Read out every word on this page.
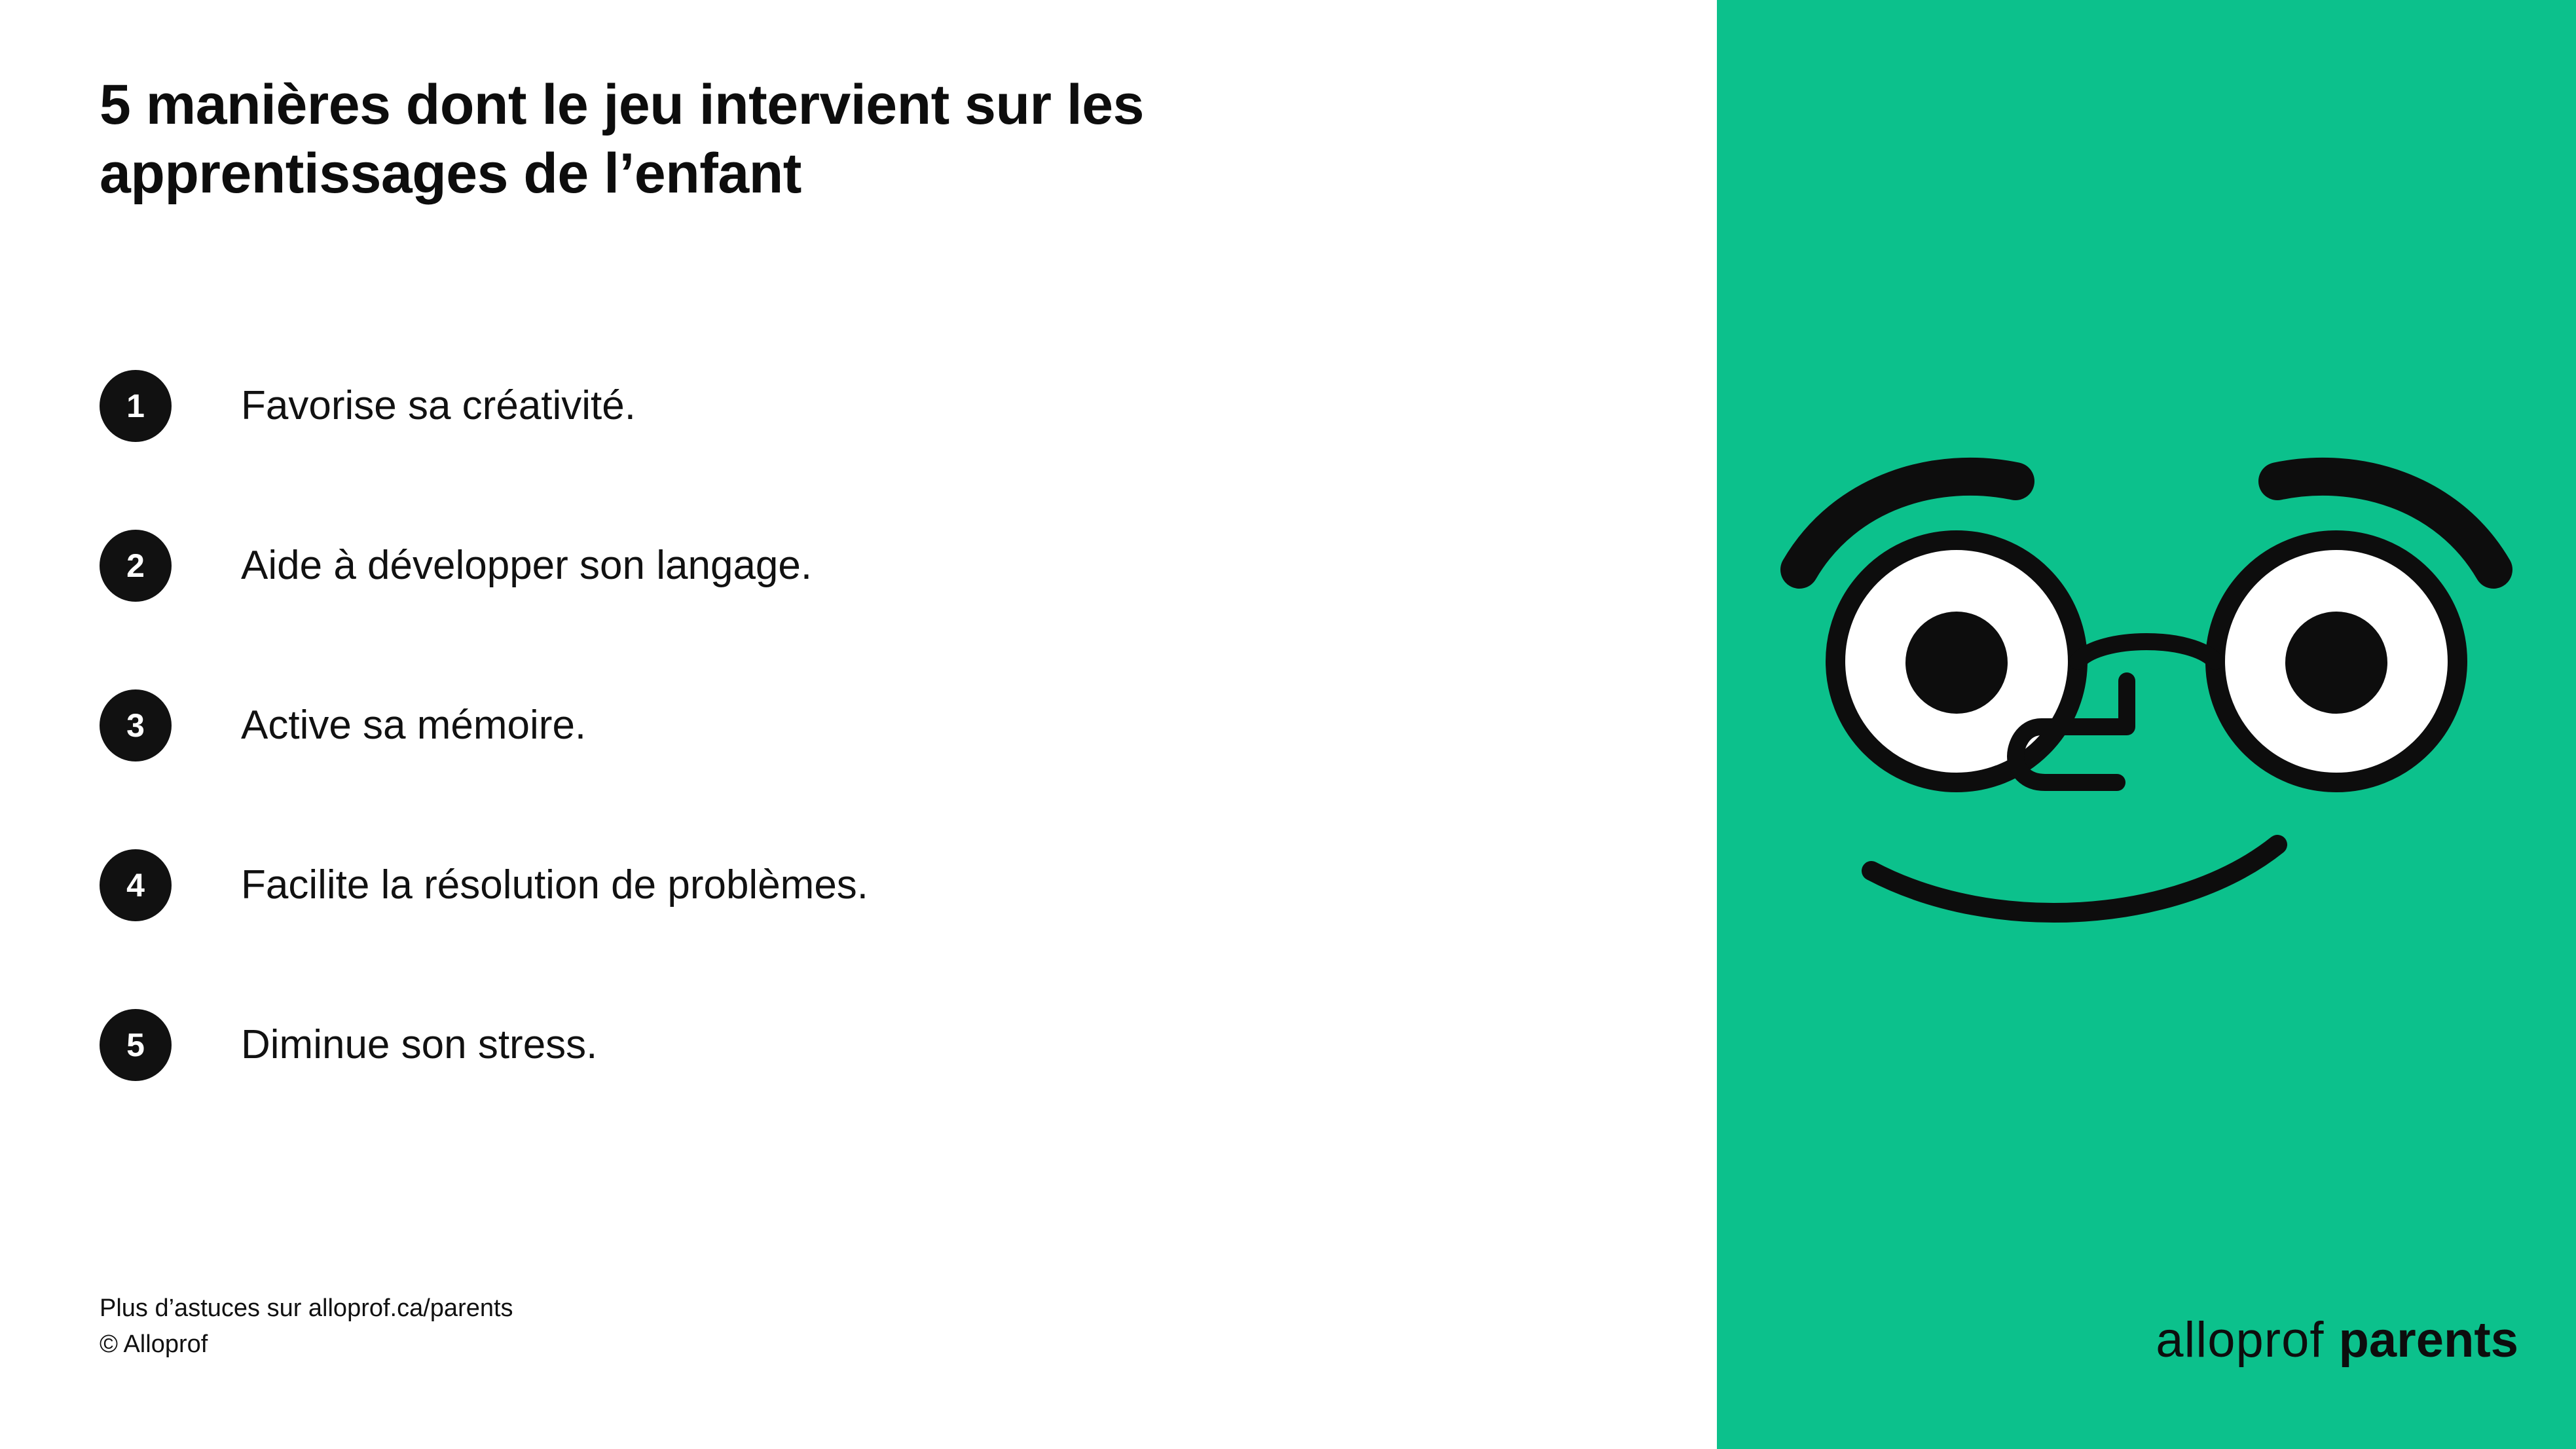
5 manières dont le jeu intervient sur les apprentissages de l’enfant
1	Favorise sa créativité.
2	Aide à développer son langage.
3	Active sa mémoire.
4	Facilite la résolution de problèmes.
5	Diminue son stress.
Plus d’astuces sur alloprof.ca/parents
© Alloprof	alloprof parents
